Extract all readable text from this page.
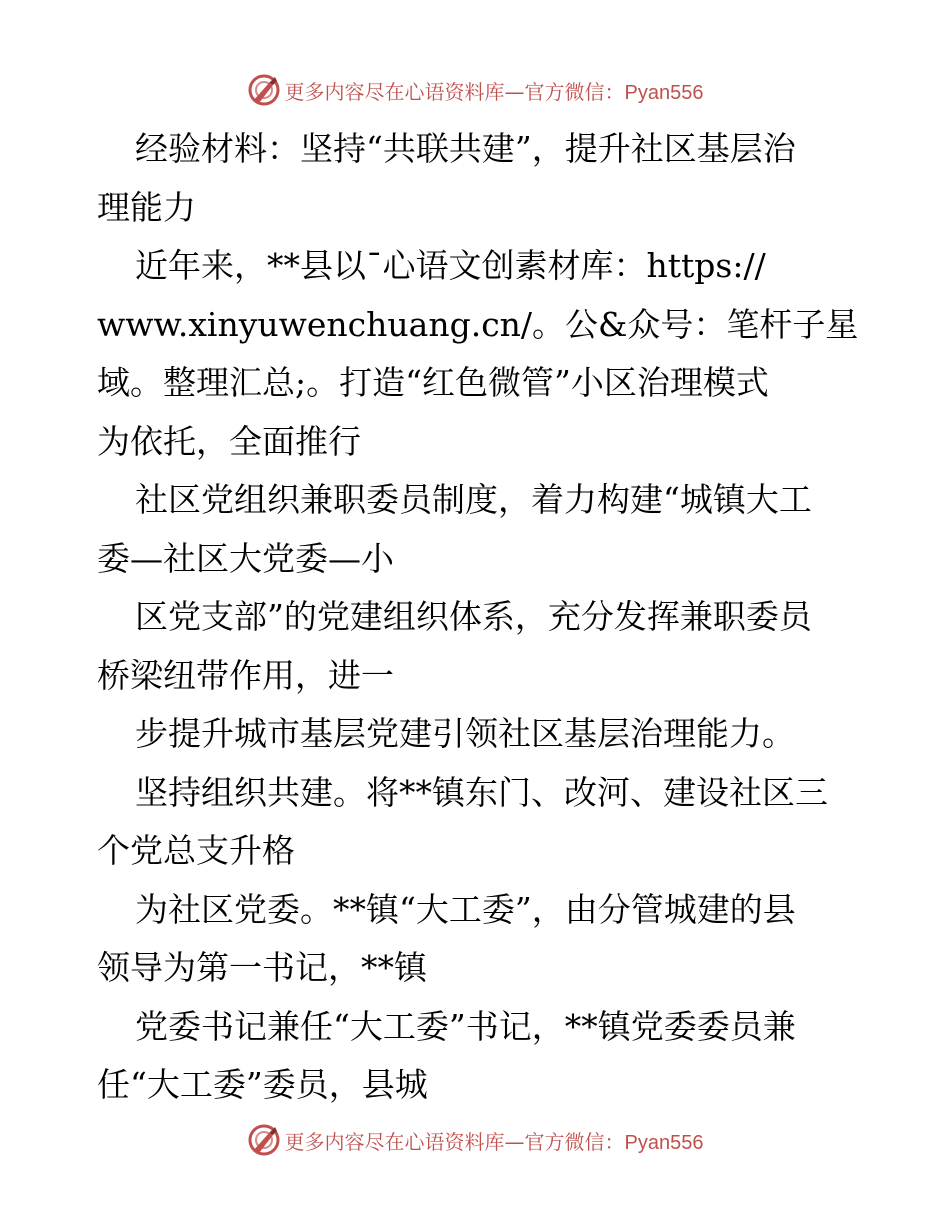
更多内容尽在心语资料库—官方微信：Pyan556
经验材料：坚持“共联共建”，提升社区基层治
理能力
近年来，**县以¯心语文创素材库：https://
www.xinyuwenchuang.cn/。公&众号：笔杆子星
域。整理汇总;。打造“红色微管”小区治理模式
为依托，全面推行
社区党组织兼职委员制度，着力构建“城镇大工
委—社区大党委—小
区党支部”的党建组织体系，充分发挥兼职委员
桥梁纽带作用，进一
步提升城市基层党建引领社区基层治理能力。
坚持组织共建。将**镇东门、改河、建设社区三
个党总支升格
为社区党委。**镇“大工委”，由分管城建的县
领导为第一书记，**镇
党委书记兼任“大工委”书记，**镇党委委员兼
任“大工委”委员，县城
更多内容尽在心语资料库—官方微信：Pyan556
